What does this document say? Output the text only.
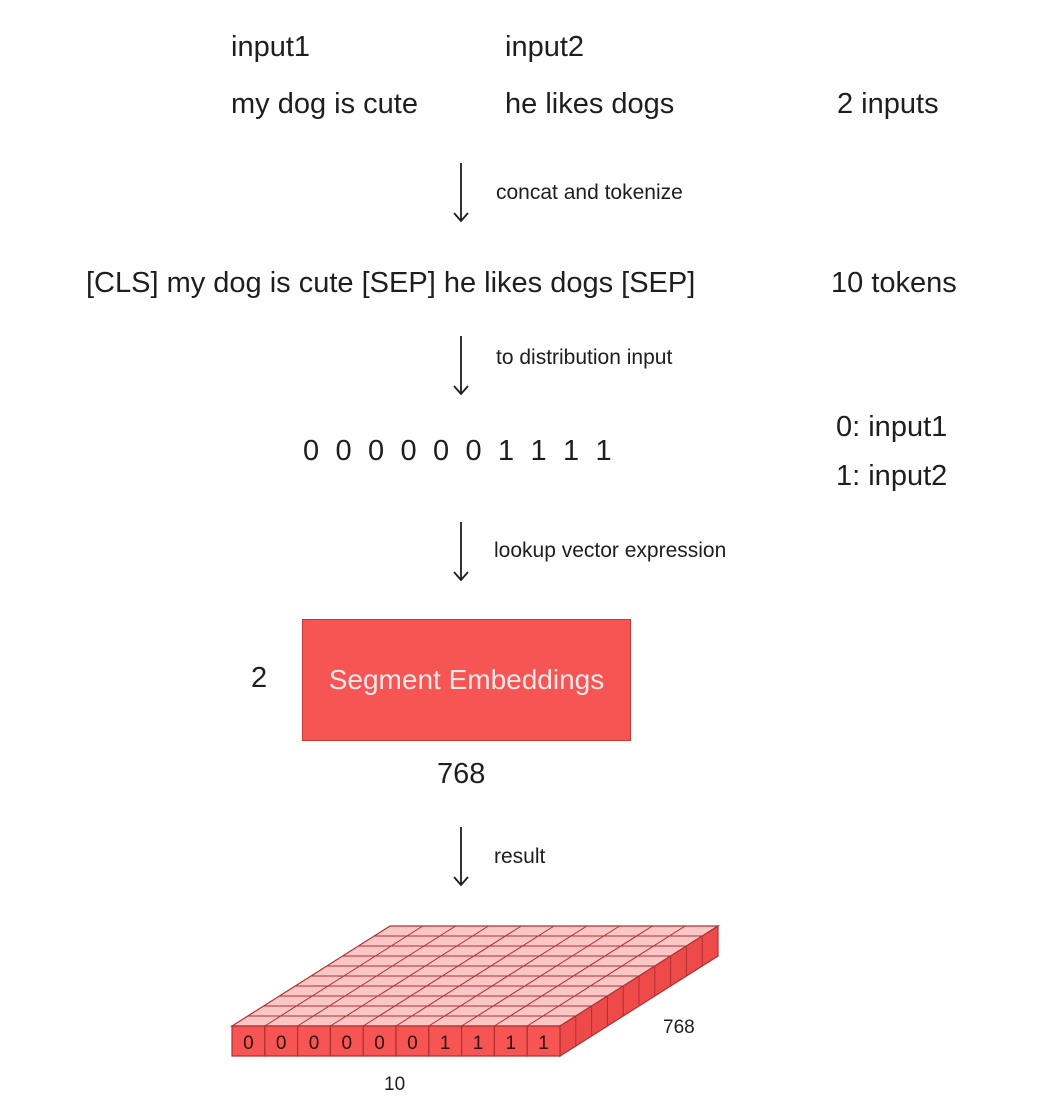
input1	input2
my dog is cute	he likes dogs	2 inputs
concat and tokenize
[CLS] my dog is cute [SEP] he likes dogs [SEP]	10 tokens
to distribution input
0 0 0 0 0 0 1 1 1 1
0: input1
1: input2
lookup vector expression
2 Segment Embeddings
768
result
0 0 0 0 0 0 1 1 1 1
768
10
